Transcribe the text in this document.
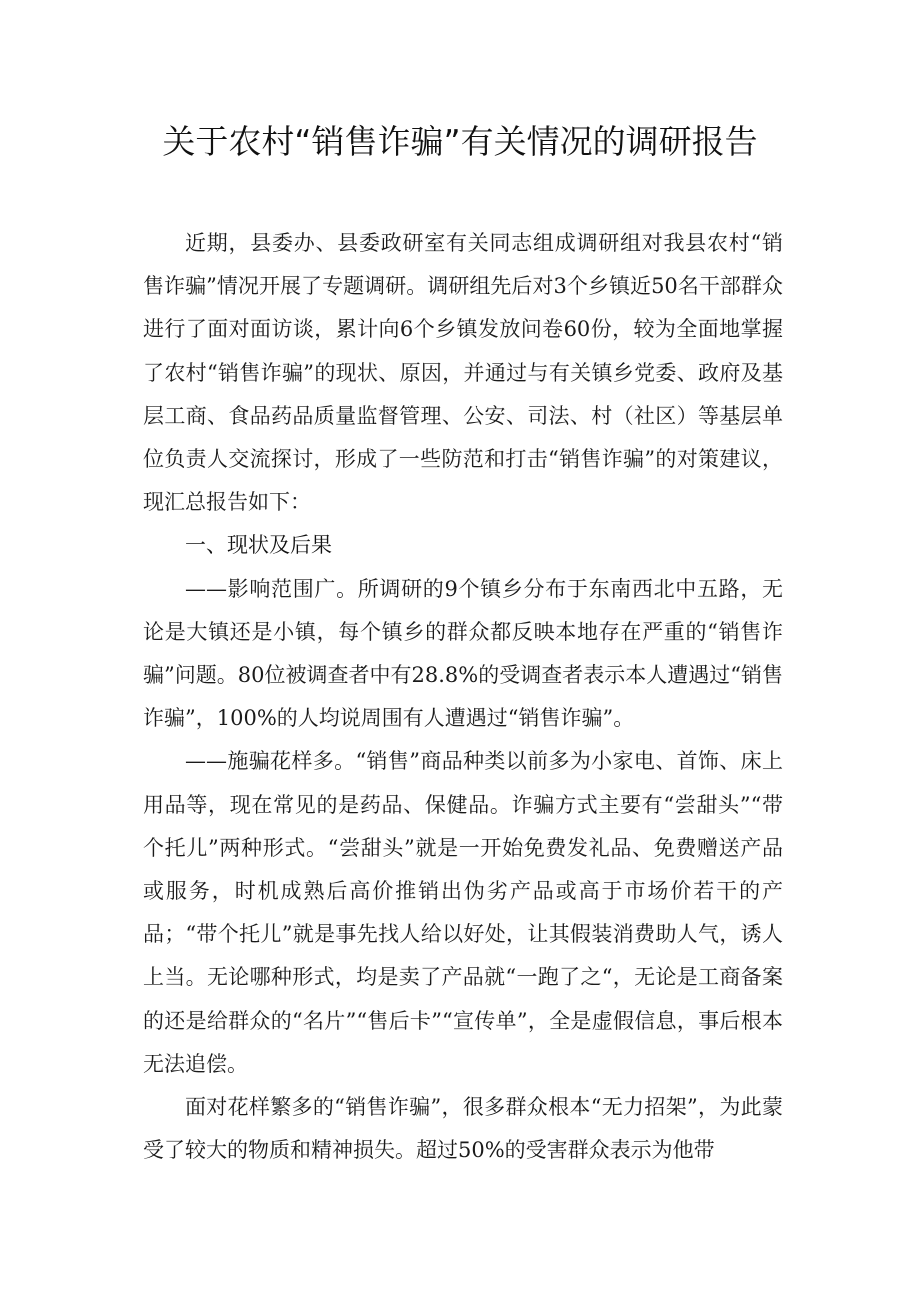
关于农村“销售诈骗”有关情况的调研报告

近期，县委办、县委政研室有关同志组成调研组对我县农村“销售诈骗”情况开展了专题调研。调研组先后对3个乡镇近50名干部群众进行了面对面访谈，累计向6个乡镇发放问卷60份，较为全面地掌握了农村“销售诈骗”的现状、原因，并通过与有关镇乡党委、政府及基层工商、食品药品质量监督管理、公安、司法、村（社区）等基层单位负责人交流探讨，形成了一些防范和打击“销售诈骗”的对策建议，现汇总报告如下：

一、现状及后果

——影响范围广。所调研的9个镇乡分布于东南西北中五路，无论是大镇还是小镇，每个镇乡的群众都反映本地存在严重的“销售诈骗”问题。80位被调查者中有28.8%的受调查者表示本人遭遇过“销售诈骗”，100%的人均说周围有人遭遇过“销售诈骗”。

——施骗花样多。“销售”商品种类以前多为小家电、首饰、床上用品等，现在常见的是药品、保健品。诈骗方式主要有“尝甜头”“带个托儿”两种形式。“尝甜头”就是一开始免费发礼品、免费赠送产品或服务，时机成熟后高价推销出伪劣产品或高于市场价若干的产品；“带个托儿”就是事先找人给以好处，让其假装消费助人气，诱人上当。无论哪种形式，均是卖了产品就“一跑了之“，无论是工商备案的还是给群众的“名片”“售后卡”“宣传单”，全是虚假信息，事后根本无法追偿。

面对花样繁多的“销售诈骗”，很多群众根本“无力招架”，为此蒙受了较大的物质和精神损失。超过50%的受害群众表示为他带
